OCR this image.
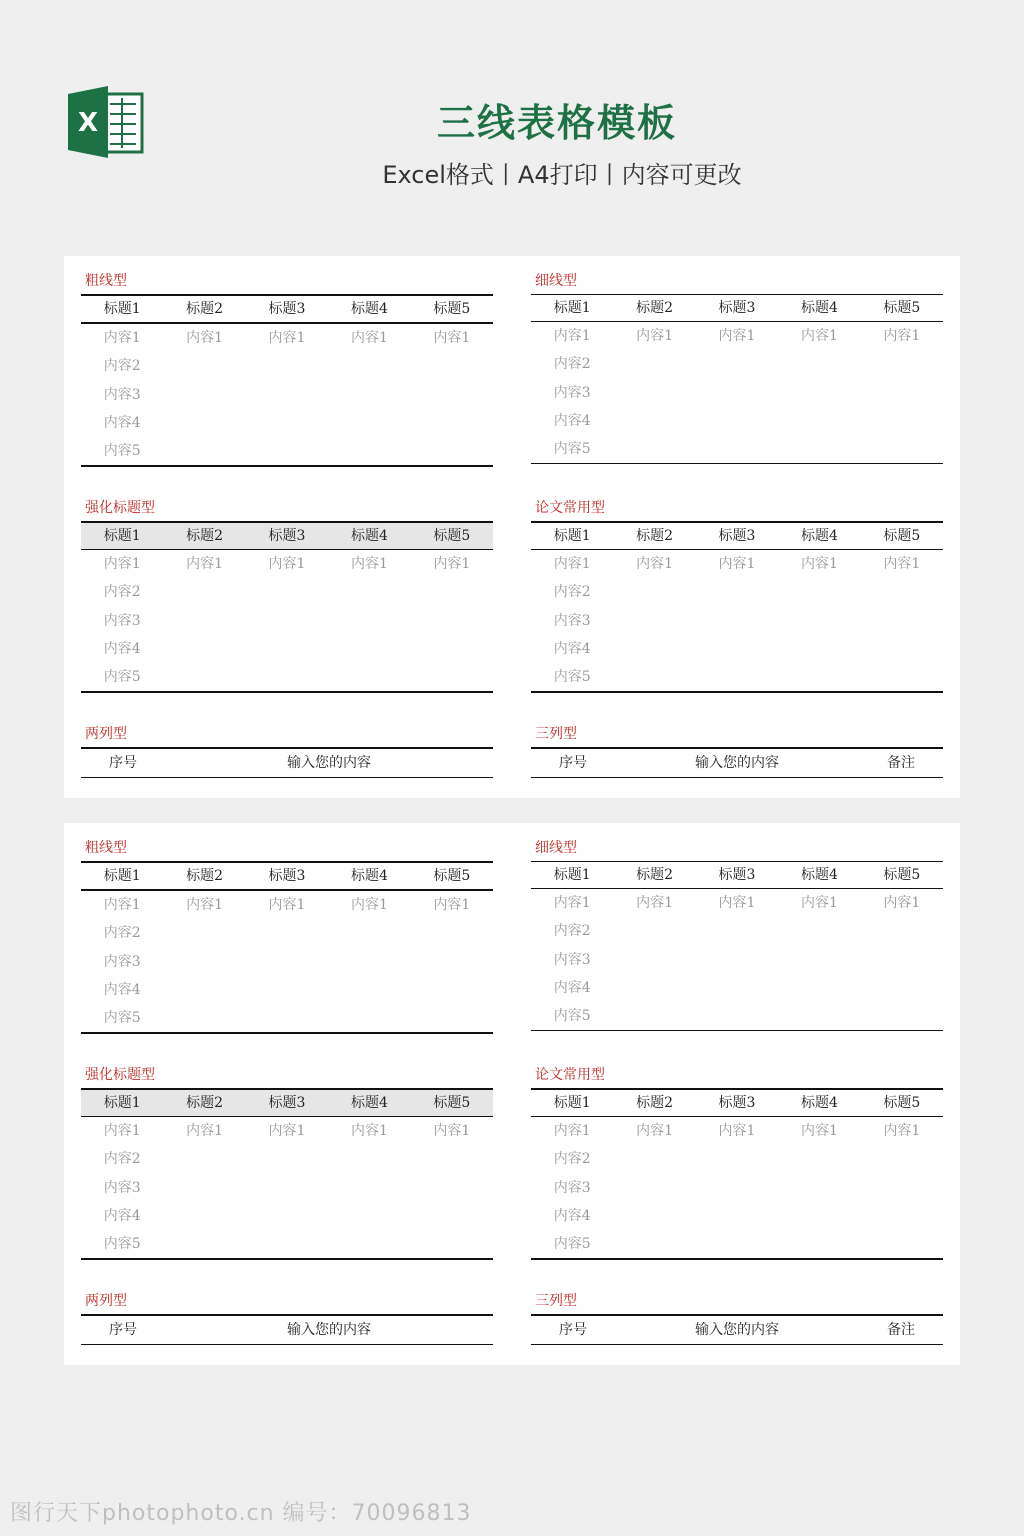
X	三线表格模板
Excel格式丨A4打印丨内容可更改
粗线型
标题1	标题2	标题3	标题4	标题5
内容1	内容1	内容1	内容1	内容1
内容2
内容3
内容4
内容5
细线型
标题1	标题2	标题3	标题4	标题5
内容1	内容1	内容1	内容1	内容1
内容2
内容3
内容4
内容5
强化标题型
标题1	标题2	标题3	标题4	标题5
内容1	内容1	内容1	内容1	内容1
内容2
内容3
内容4
内容5
论文常用型
标题1	标题2	标题3	标题4	标题5
内容1	内容1	内容1	内容1	内容1
内容2
内容3
内容4
内容5
两列型
序号	输入您的内容
三列型
序号	输入您的内容	备注
粗线型
标题1	标题2	标题3	标题4	标题5
内容1	内容1	内容1	内容1	内容1
内容2
内容3
内容4
内容5
细线型
标题1	标题2	标题3	标题4	标题5
内容1	内容1	内容1	内容1	内容1
内容2
内容3
内容4
内容5
强化标题型
标题1	标题2	标题3	标题4	标题5
内容1	内容1	内容1	内容1	内容1
内容2
内容3
内容4
内容5
论文常用型
标题1	标题2	标题3	标题4	标题5
内容1	内容1	内容1	内容1	内容1
内容2
内容3
内容4
内容5
两列型
序号	输入您的内容
三列型
序号	输入您的内容	备注
图行天下photophoto.cn 编号：70096813
